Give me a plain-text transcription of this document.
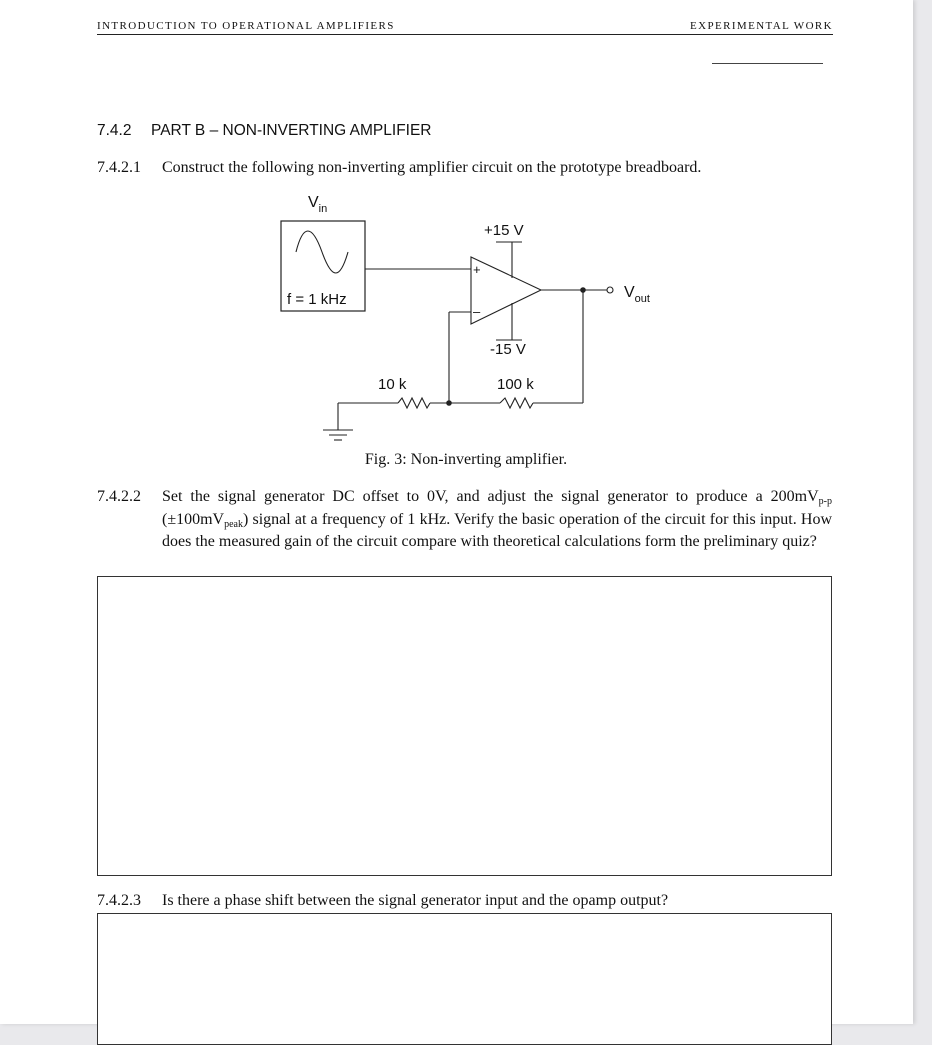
INTRODUCTION TO OPERATIONAL AMPLIFIERS	EXPERIMENTAL WORK
7.4.2 PART B – NON-INVERTING AMPLIFIER
7.4.2.1 Construct the following non-inverting amplifier circuit on the prototype breadboard.
$V_{in}$
f = 1 kHz
+
–
+15 V
-15 V
$V_{out}$
10 k	100 k
Fig. 3: Non-inverting amplifier.
7.4.2.2 Set the signal generator DC offset to 0V, and adjust the signal generator to produce a $200mV_{p-p}$ $(\pm 100mV_{peak})$ signal at a frequency of 1 kHz. Verify the basic operation of the circuit for this input. How does the measured gain of the circuit compare with theoretical calculations form the preliminary quiz?
7.4.2.3 Is there a phase shift between the signal generator input and the opamp output?
